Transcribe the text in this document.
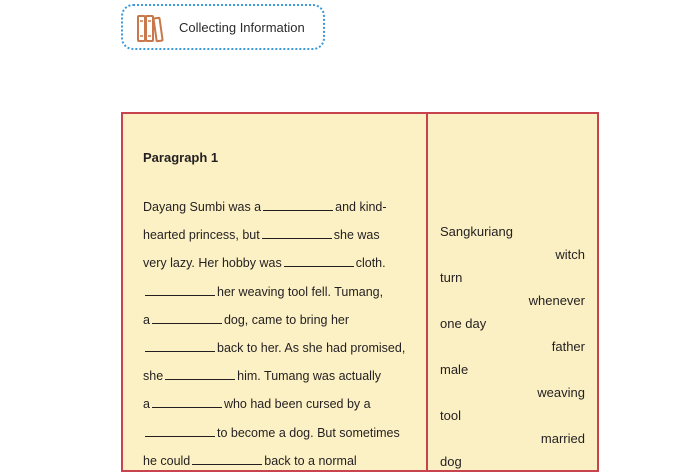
Collecting Information
Paragraph 1
Dayang Sumbi was a	and kind-
hearted princess, but	she was
very lazy. Her hobby was	cloth.
her weaving tool fell. Tumang,
a	dog, came to bring her
back to her. As she had promised,
she	him. Tumang was actually
a	who had been cursed by a
to become a dog. But sometimes
he could	back to a normal
Sangkuriang
witch
turn
whenever
one day
father
male
weaving
tool
married
dog
